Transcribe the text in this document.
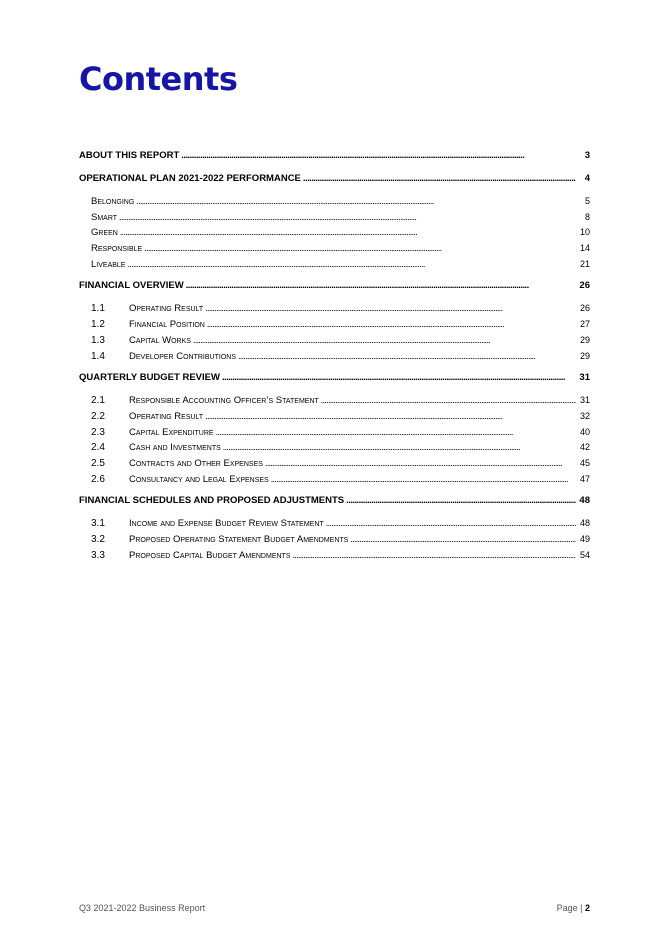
Contents
ABOUT THIS REPORT . . .	3
OPERATIONAL PLAN 2021-2022 PERFORMANCE . . .	4
Belonging . . .	5
Smart . . .	8
Green . . .	10
Responsible . . .	14
Liveable . . .	21
FINANCIAL OVERVIEW . . .	26
1.1	Operating Result . . .	26
1.2	Financial Position . . .	27
1.3	Capital Works . . .	29
1.4	Developer Contributions . . .	29
QUARTERLY BUDGET REVIEW . . .	31
2.1	Responsible Accounting Officer’s Statement . . .	31
2.2	Operating Result . . .	32
2.3	Capital Expenditure . . .	40
2.4	Cash and Investments . . .	42
2.5	Contracts and Other Expenses . . .	45
2.6	Consultancy and Legal Expenses . . .	47
FINANCIAL SCHEDULES AND PROPOSED ADJUSTMENTS . . .	48
3.1	Income and Expense Budget Review Statement . . .	48
3.2	Proposed Operating Statement Budget Amendments . . .	49
3.3	Proposed Capital Budget Amendments . . .	54
Q3 2021-2022 Business Report	Page | 2
